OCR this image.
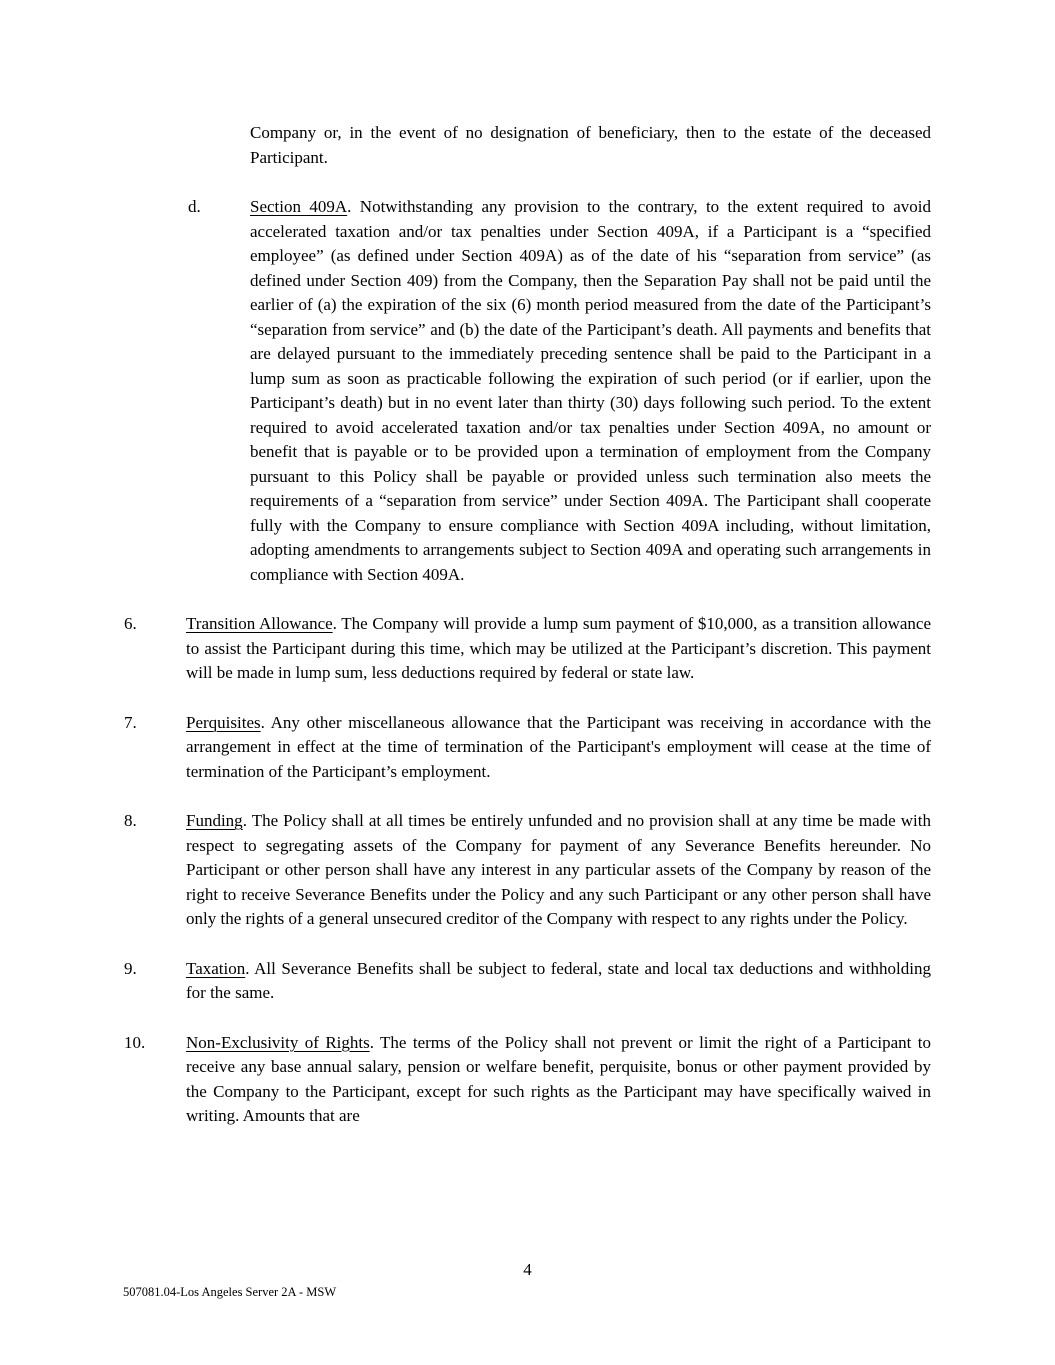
Company or, in the event of no designation of beneficiary, then to the estate of the deceased Participant.

d.	Section 409A. Notwithstanding any provision to the contrary, to the extent required to avoid accelerated taxation and/or tax penalties under Section 409A, if a Participant is a “specified employee” (as defined under Section 409A) as of the date of his “separation from service” (as defined under Section 409) from the Company, then the Separation Pay shall not be paid until the earlier of (a) the expiration of the six (6) month period measured from the date of the Participant’s “separation from service” and (b) the date of the Participant’s death. All payments and benefits that are delayed pursuant to the immediately preceding sentence shall be paid to the Participant in a lump sum as soon as practicable following the expiration of such period (or if earlier, upon the Participant’s death) but in no event later than thirty (30) days following such period. To the extent required to avoid accelerated taxation and/or tax penalties under Section 409A, no amount or benefit that is payable or to be provided upon a termination of employment from the Company pursuant to this Policy shall be payable or provided unless such termination also meets the requirements of a “separation from service” under Section 409A. The Participant shall cooperate fully with the Company to ensure compliance with Section 409A including, without limitation, adopting amendments to arrangements subject to Section 409A and operating such arrangements in compliance with Section 409A.
6.	Transition Allowance. The Company will provide a lump sum payment of $10,000, as a transition allowance to assist the Participant during this time, which may be utilized at the Participant’s discretion. This payment will be made in lump sum, less deductions required by federal or state law.
7.	Perquisites. Any other miscellaneous allowance that the Participant was receiving in accordance with the arrangement in effect at the time of termination of the Participant's employment will cease at the time of termination of the Participant’s employment.
8.	Funding. The Policy shall at all times be entirely unfunded and no provision shall at any time be made with respect to segregating assets of the Company for payment of any Severance Benefits hereunder. No Participant or other person shall have any interest in any particular assets of the Company by reason of the right to receive Severance Benefits under the Policy and any such Participant or any other person shall have only the rights of a general unsecured creditor of the Company with respect to any rights under the Policy.
9.	Taxation. All Severance Benefits shall be subject to federal, state and local tax deductions and withholding for the same.
10. Non-Exclusivity of Rights. The terms of the Policy shall not prevent or limit the right of a Participant to receive any base annual salary, pension or welfare benefit, perquisite, bonus or other payment provided by the Company to the Participant, except for such rights as the Participant may have specifically waived in writing. Amounts that are
4
507081.04-Los Angeles Server 2A - MSW
